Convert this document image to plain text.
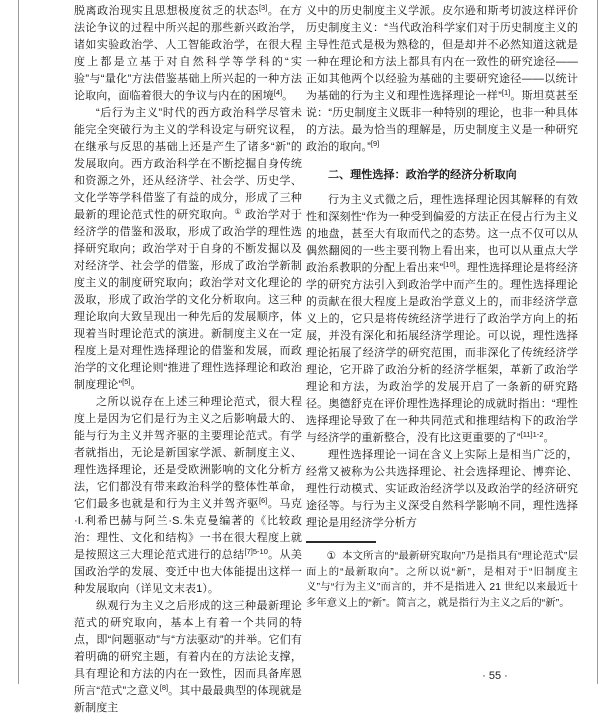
脱离政治现实且思想极度贫乏的状态[3]。在方法论争议的过程中所兴起的那些新兴政治学，诸如实验政治学、人工智能政治学，在很大程度上都是立基于对自然科学等学科的“实验”与“量化”方法借鉴基础上所兴起的一种方法论取向，面临着很大的争议与内在的困境[4]。

“后行为主义”时代的西方政治科学尽管未能完全突破行为主义的学科设定与研究议程，在继承与反思的基础上还是产生了诸多“新”的发展取向。西方政治科学在不断挖掘自身传统和资源之外，还从经济学、社会学、历史学、文化学等学科借鉴了有益的成分，形成了三种最新的理论范式性的研究取向。① 政治学对于经济学的借鉴和汲取，形成了政治学的理性选择研究取向；政治学对于自身的不断发掘以及对经济学、社会学的借鉴，形成了政治学新制度主义的制度研究取向；政治学对文化理论的汲取，形成了政治学的文化分析取向。这三种理论取向大致呈现出一种先后的发展顺序，体现着当时理论范式的演进。新制度主义在一定程度上是对理性选择理论的借鉴和发展，而政治学的文化理论则“推进了理性选择理论和政治制度理论”[5]。

之所以说存在上述三种理论范式，很大程度上是因为它们是行为主义之后影响最大的、能与行为主义并驾齐驱的主要理论范式。有学者就指出，无论是新国家学派、新制度主义、理性选择理论，还是受欧洲影响的文化分析方法，它们都没有带来政治科学的整体性革命，它们最多也就是和行为主义并驾齐驱[6]。马克·I.利希巴赫与阿兰·S.朱克曼编著的《比较政治：理性、文化和结构》一书在很大程度上就是按照这三大理论范式进行的总结$^{[7]5-10}$。从美国政治学的发展、变迁中也大体能提出这样一种发展取向（详见文末表1）。

纵观行为主义之后形成的这三种最新理论范式的研究取向，基本上有着一个共同的特点，即“问题驱动”与“方法驱动”的并举。它们有着明确的研究主题，有着内在的方法论支撑，具有理论和方法的内在一致性，因而具备库恩所言“范式”之意义[8]。其中最最典型的体现就是新制度主

义中的历史制度主义学派。皮尔逊和斯考切波这样评价历史制度主义：“当代政治科学家们对于历史制度主义的主导性范式是极为熟稔的，但是却并不必然知道这就是一种在理论和方法上都具有内在一致性的研究途径——正如其他两个以经验为基础的主要研究途径——以统计为基础的行为主义和理性选择理论一样”[1]。斯坦莫甚至说：“历史制度主义既非一种特别的理论，也非一种具体的方法。最为恰当的理解是，历史制度主义是一种研究政治的取向。”[9]

二、理性选择：政治学的经济分析取向

行为主义式微之后，理性选择理论因其解释的有效性和深刻性“作为一种受到偏爱的方法正在侵占行为主义的地盘，甚至大有取而代之的态势。这一点不仅可以从偶然翻阅的一些主要刊物上看出来，也可以从重点大学政治系教职的分配上看出来”[10]。理性选择理论是将经济学的研究方法引入到政治学中而产生的。理性选择理论的贡献在很大程度上是政治学意义上的，而非经济学意义上的，它只是将传统经济学进行了政治学方向上的拓展，并没有深化和拓展经济学理论。可以说，理性选择理论拓展了经济学的研究范围，而非深化了传统经济学理论，它开辟了政治分析的经济学框架，革新了政治学理论和方法，为政治学的发展开启了一条新的研究路径。奥德舒克在评价理性选择理论的成就时指出：“理性选择理论导致了在一种共同范式和推理结构下的政治学与经济学的重新整合，没有比这更重要的了”$^{[11]1-2}$。

理性选择理论一词在含义上实际上是相当广泛的，经常又被称为公共选择理论、社会选择理论、博弈论、理性行动模式、实证政治经济学以及政治学的经济研究途径等。与行为主义深受自然科学影响不同，理性选择理论是用经济学分析方

① 本文所言的“最新研究取向”乃是指具有“理论范式”层面上的“最新取向”。之所以说“新”，是相对于“旧制度主义”与“行为主义”而言的，并不是指进入 21 世纪以来最近十多年意义上的“新”。简言之，就是指行为主义之后的“新”。
· 55 ·
